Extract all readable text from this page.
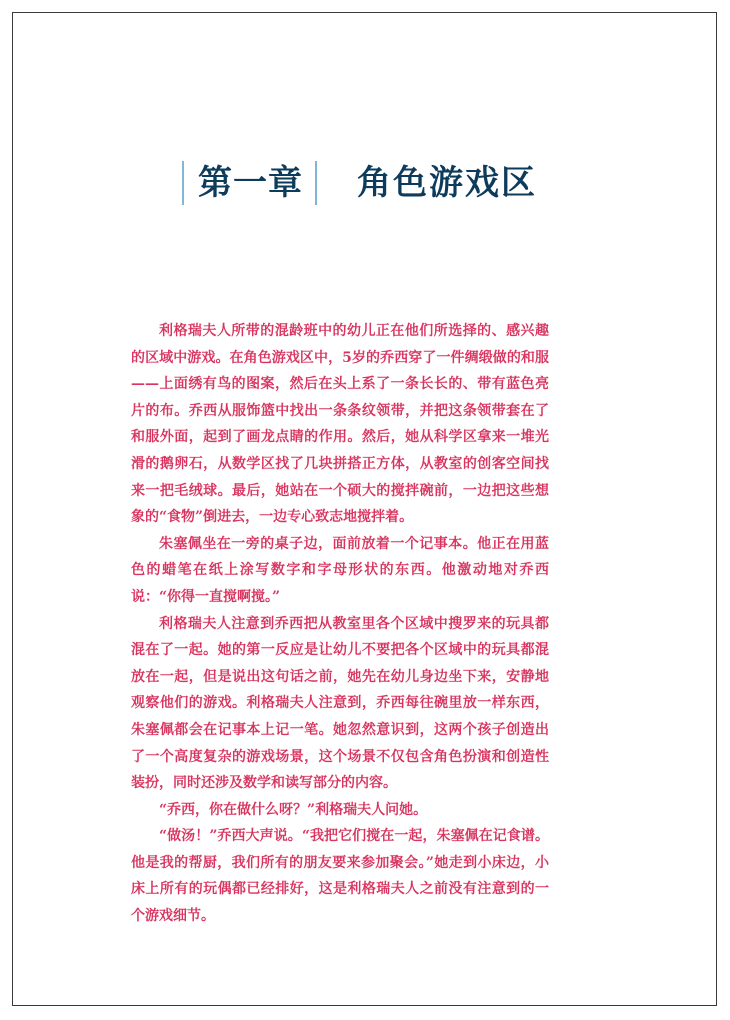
第一章 角色游戏区

利格瑞夫人所带的混龄班中的幼儿正在他们所选择的、感兴趣的区域中游戏。在角色游戏区中，5岁的乔西穿了一件绸缎做的和服——上面绣有鸟的图案，然后在头上系了一条长长的、带有蓝色亮片的布。乔西从服饰篮中找出一条条纹领带，并把这条领带套在了和服外面，起到了画龙点睛的作用。然后，她从科学区拿来一堆光滑的鹅卵石，从数学区找了几块拼搭正方体，从教室的创客空间找来一把毛绒球。最后，她站在一个硕大的搅拌碗前，一边把这些想象的“食物”倒进去，一边专心致志地搅拌着。

朱塞佩坐在一旁的桌子边，面前放着一个记事本。他正在用蓝色的蜡笔在纸上涂写数字和字母形状的东西。他激动地对乔西说：“你得一直搅啊搅。”

利格瑞夫人注意到乔西把从教室里各个区域中搜罗来的玩具都混在了一起。她的第一反应是让幼儿不要把各个区域中的玩具都混放在一起，但是说出这句话之前，她先在幼儿身边坐下来，安静地观察他们的游戏。利格瑞夫人注意到，乔西每往碗里放一样东西，朱塞佩都会在记事本上记一笔。她忽然意识到，这两个孩子创造出了一个高度复杂的游戏场景，这个场景不仅包含角色扮演和创造性装扮，同时还涉及数学和读写部分的内容。

“乔西，你在做什么呀？”利格瑞夫人问她。

“做汤！”乔西大声说。“我把它们搅在一起，朱塞佩在记食谱。他是我的帮厨，我们所有的朋友要来参加聚会。”她走到小床边，小床上所有的玩偶都已经排好，这是利格瑞夫人之前没有注意到的一个游戏细节。
